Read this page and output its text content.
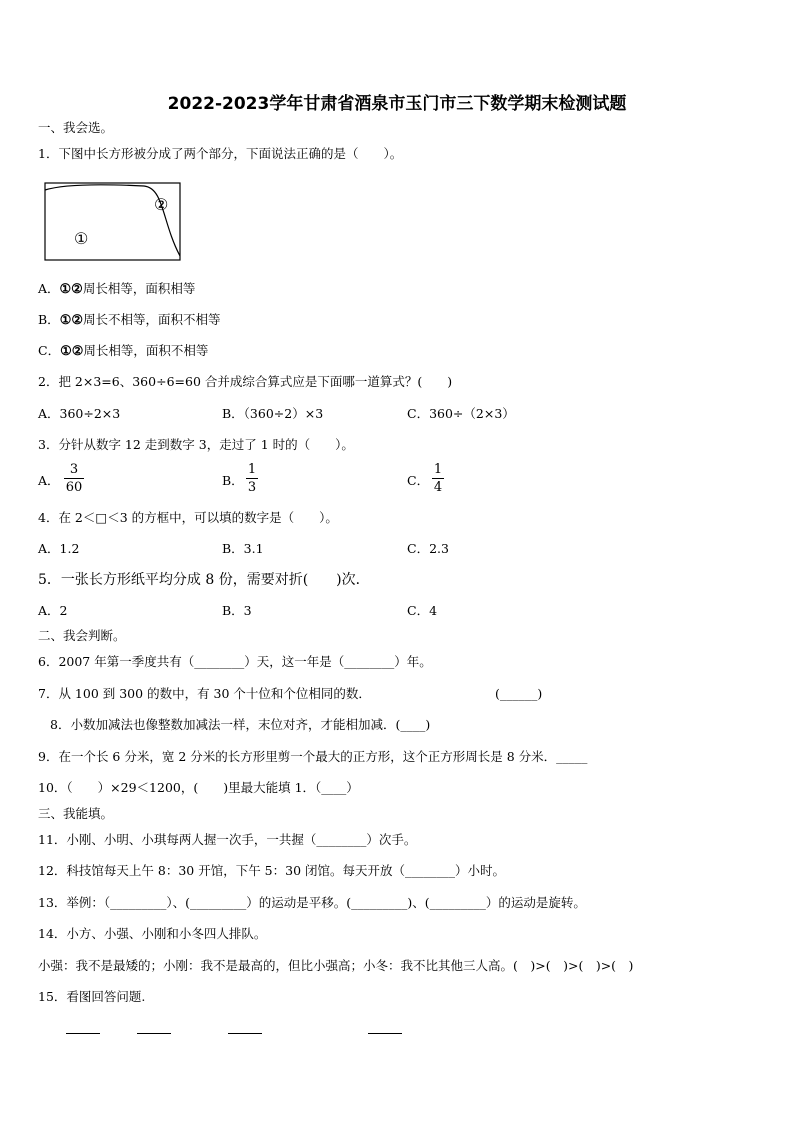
2022-2023学年甘肃省酒泉市玉门市三下数学期末检测试题
一、我会选。
1．下图中长方形被分成了两个部分，下面说法正确的是（　　）。
①
②
A．①②周长相等，面积相等
B．①②周长不相等，面积不相等
C．①②周长相等，面积不相等
2．把 2×3=6、360÷6=60 合并成综合算式应是下面哪一道算式？(　　)
A．360÷2×3	B．（360÷2）×3	C．360÷（2×3）
3．分针从数字 12 走到数字 3，走过了 1 时的（　　）。
A．
3
60	B．
1
3	C．
1
4
4．在 2＜□＜3 的方框中，可以填的数字是（　　）。
A．1.2	B．3.1	C．2.3
5．一张长方形纸平均分成 8 份，需要对折(　　)次．
A．2	B．3	C．4
二、我会判断。
6．2007 年第一季度共有（________）天，这一年是（________）年。
7．从 100 到 300 的数中，有 30 个十位和个位相同的数．	(______)
8．小数加减法也像整数加减法一样，末位对齐，才能相加减．(____)
9．在一个长 6 分米，宽 2 分米的长方形里剪一个最大的正方形，这个正方形周长是 8 分米．_____
10．（　　）×29＜1200，(　　)里最大能填 1．（____）
三、我能填。
11．小刚、小明、小琪每两人握一次手，一共握（________）次手。
12．科技馆每天上午 8：30 开馆，下午 5：30 闭馆。每天开放（________）小时。
13．举例：（_________）、(_________）的运动是平移。(_________)、(_________）的运动是旋转。
14．小方、小强、小刚和小冬四人排队。
小强：我不是最矮的；小刚：我不是最高的，但比小强高；小冬：我不比其他三人高。(　)>(　)>(　)>(　)
15．看图回答问题.
